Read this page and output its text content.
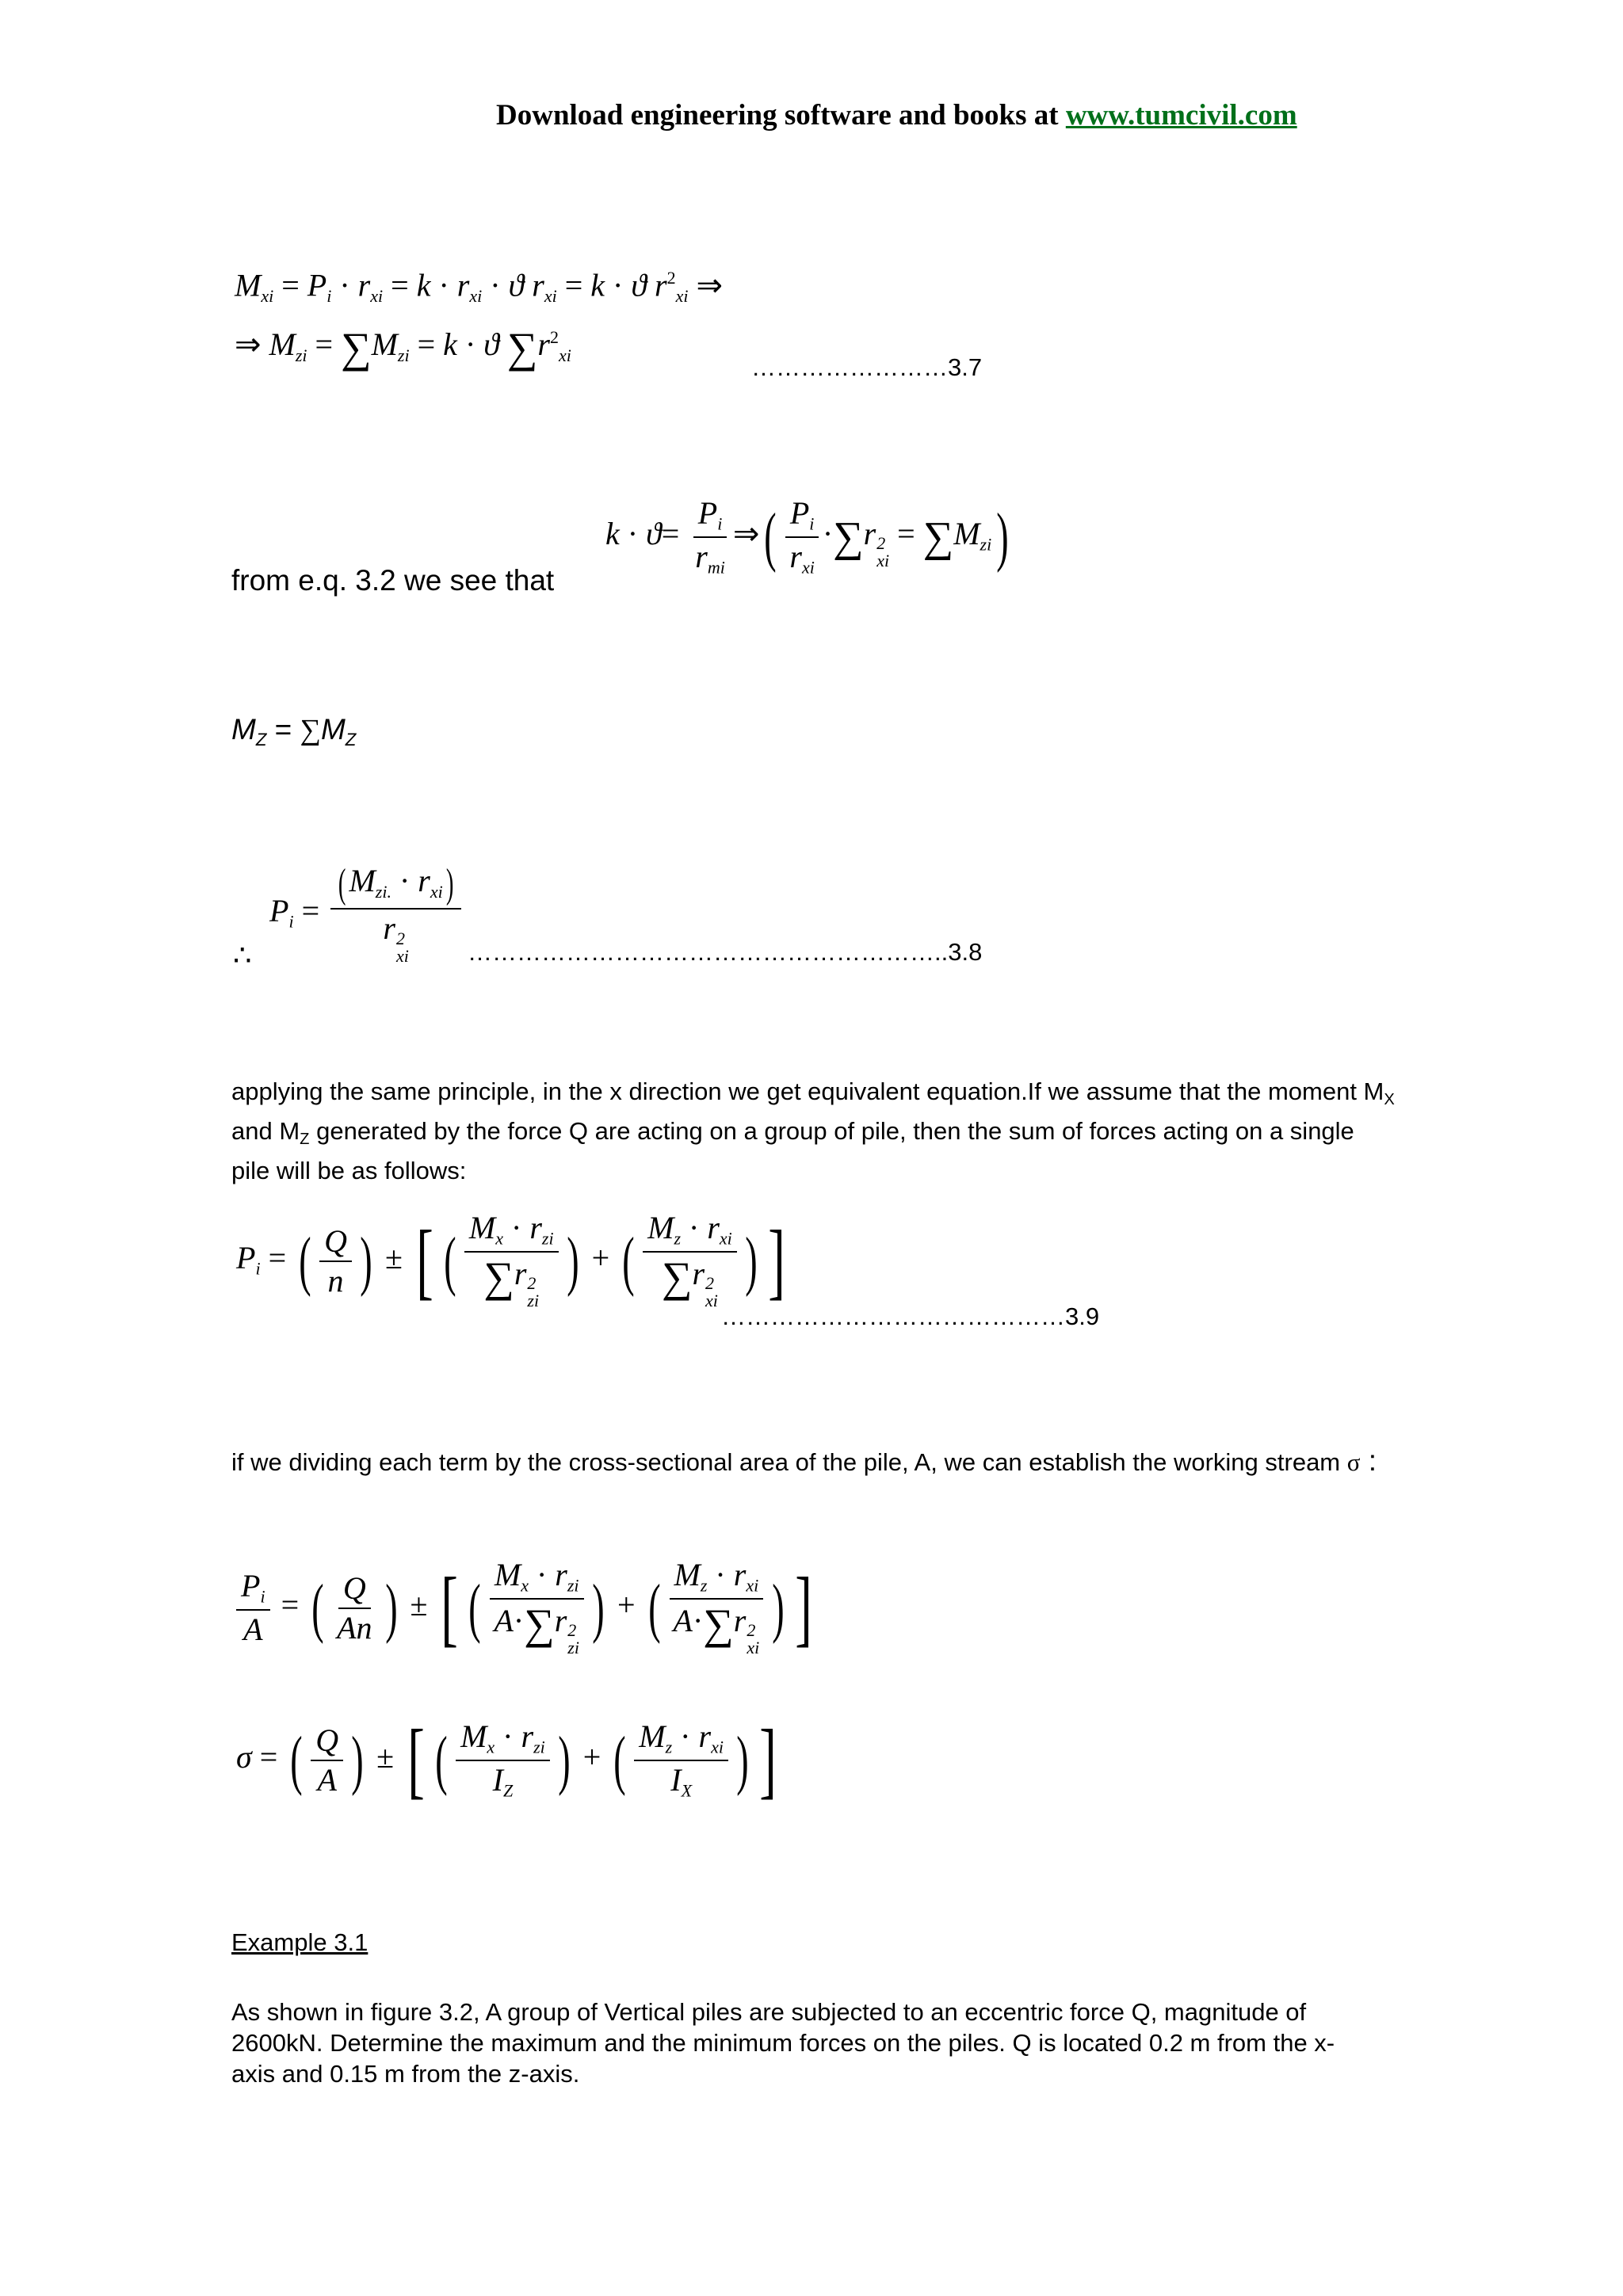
Download engineering software and books at www.tumcivil.com
$M_{xi} = P_i \cdot r_{xi} = k \cdot r_{xi} \cdot ϑ$ $r_{xi} = k \cdot ϑ$ $r^2_{xi}$ ⇒
⇒ $M_{zi} = \sum M_{zi} = k \cdot ϑ$ $\sum r^2_{xi}$	……………………3.7
from e.q. 3.2 we see that
$k \cdot ϑ= \frac{P_i}{r_{mi}}$ ⇒( $\frac{P_i}{r_{xi}} \cdot\sum r$ 2
xi
= $\sum M_{zi}$)
$M_Z = \sum M_Z$
$P_i = (M_{zi.} \cdot r_{xi})$
r 2
xi
∴	…………………………………………………..3.8
applying the same principle, in the x direction we get equivalent equation.If we assume that the moment MX and MZ generated by the force Q are acting on a group of pile, then the sum of forces acting on a single pile will be as follows:
$P_i$ = ( $\frac{Q}{n}$ ) ± [ ( $M_x \cdot r_{zi}$
∑r 2
zi ) + ( $M_z \cdot r_{xi}$
∑r 2
xi ) ]
……………………………………3.9
if we dividing each term by the cross-sectional area of the pile, A, we can establish the working stream σ :
$\frac{P_i}{A}$ = ( $\frac{Q}{An}$ ) ± [ ( $M_x \cdot r_{zi}$
A·∑r 2
zi ) + ( $M_z \cdot r_{xi}$
A·∑r 2
xi ) ]
σ = ( $\frac{Q}{A}$ ) ± [ ( $\frac{M_x \cdot r_{zi}}{I_Z}$ ) + ( $\frac{M_z \cdot r_{xi}}{I_X}$ ) ]
Example 3.1
As shown in figure 3.2, A group of Vertical piles are subjected to an eccentric force Q, magnitude of 2600kN. Determine the maximum and the minimum forces on the piles. Q is located 0.2 m from the x-axis and 0.15 m from the z-axis.
